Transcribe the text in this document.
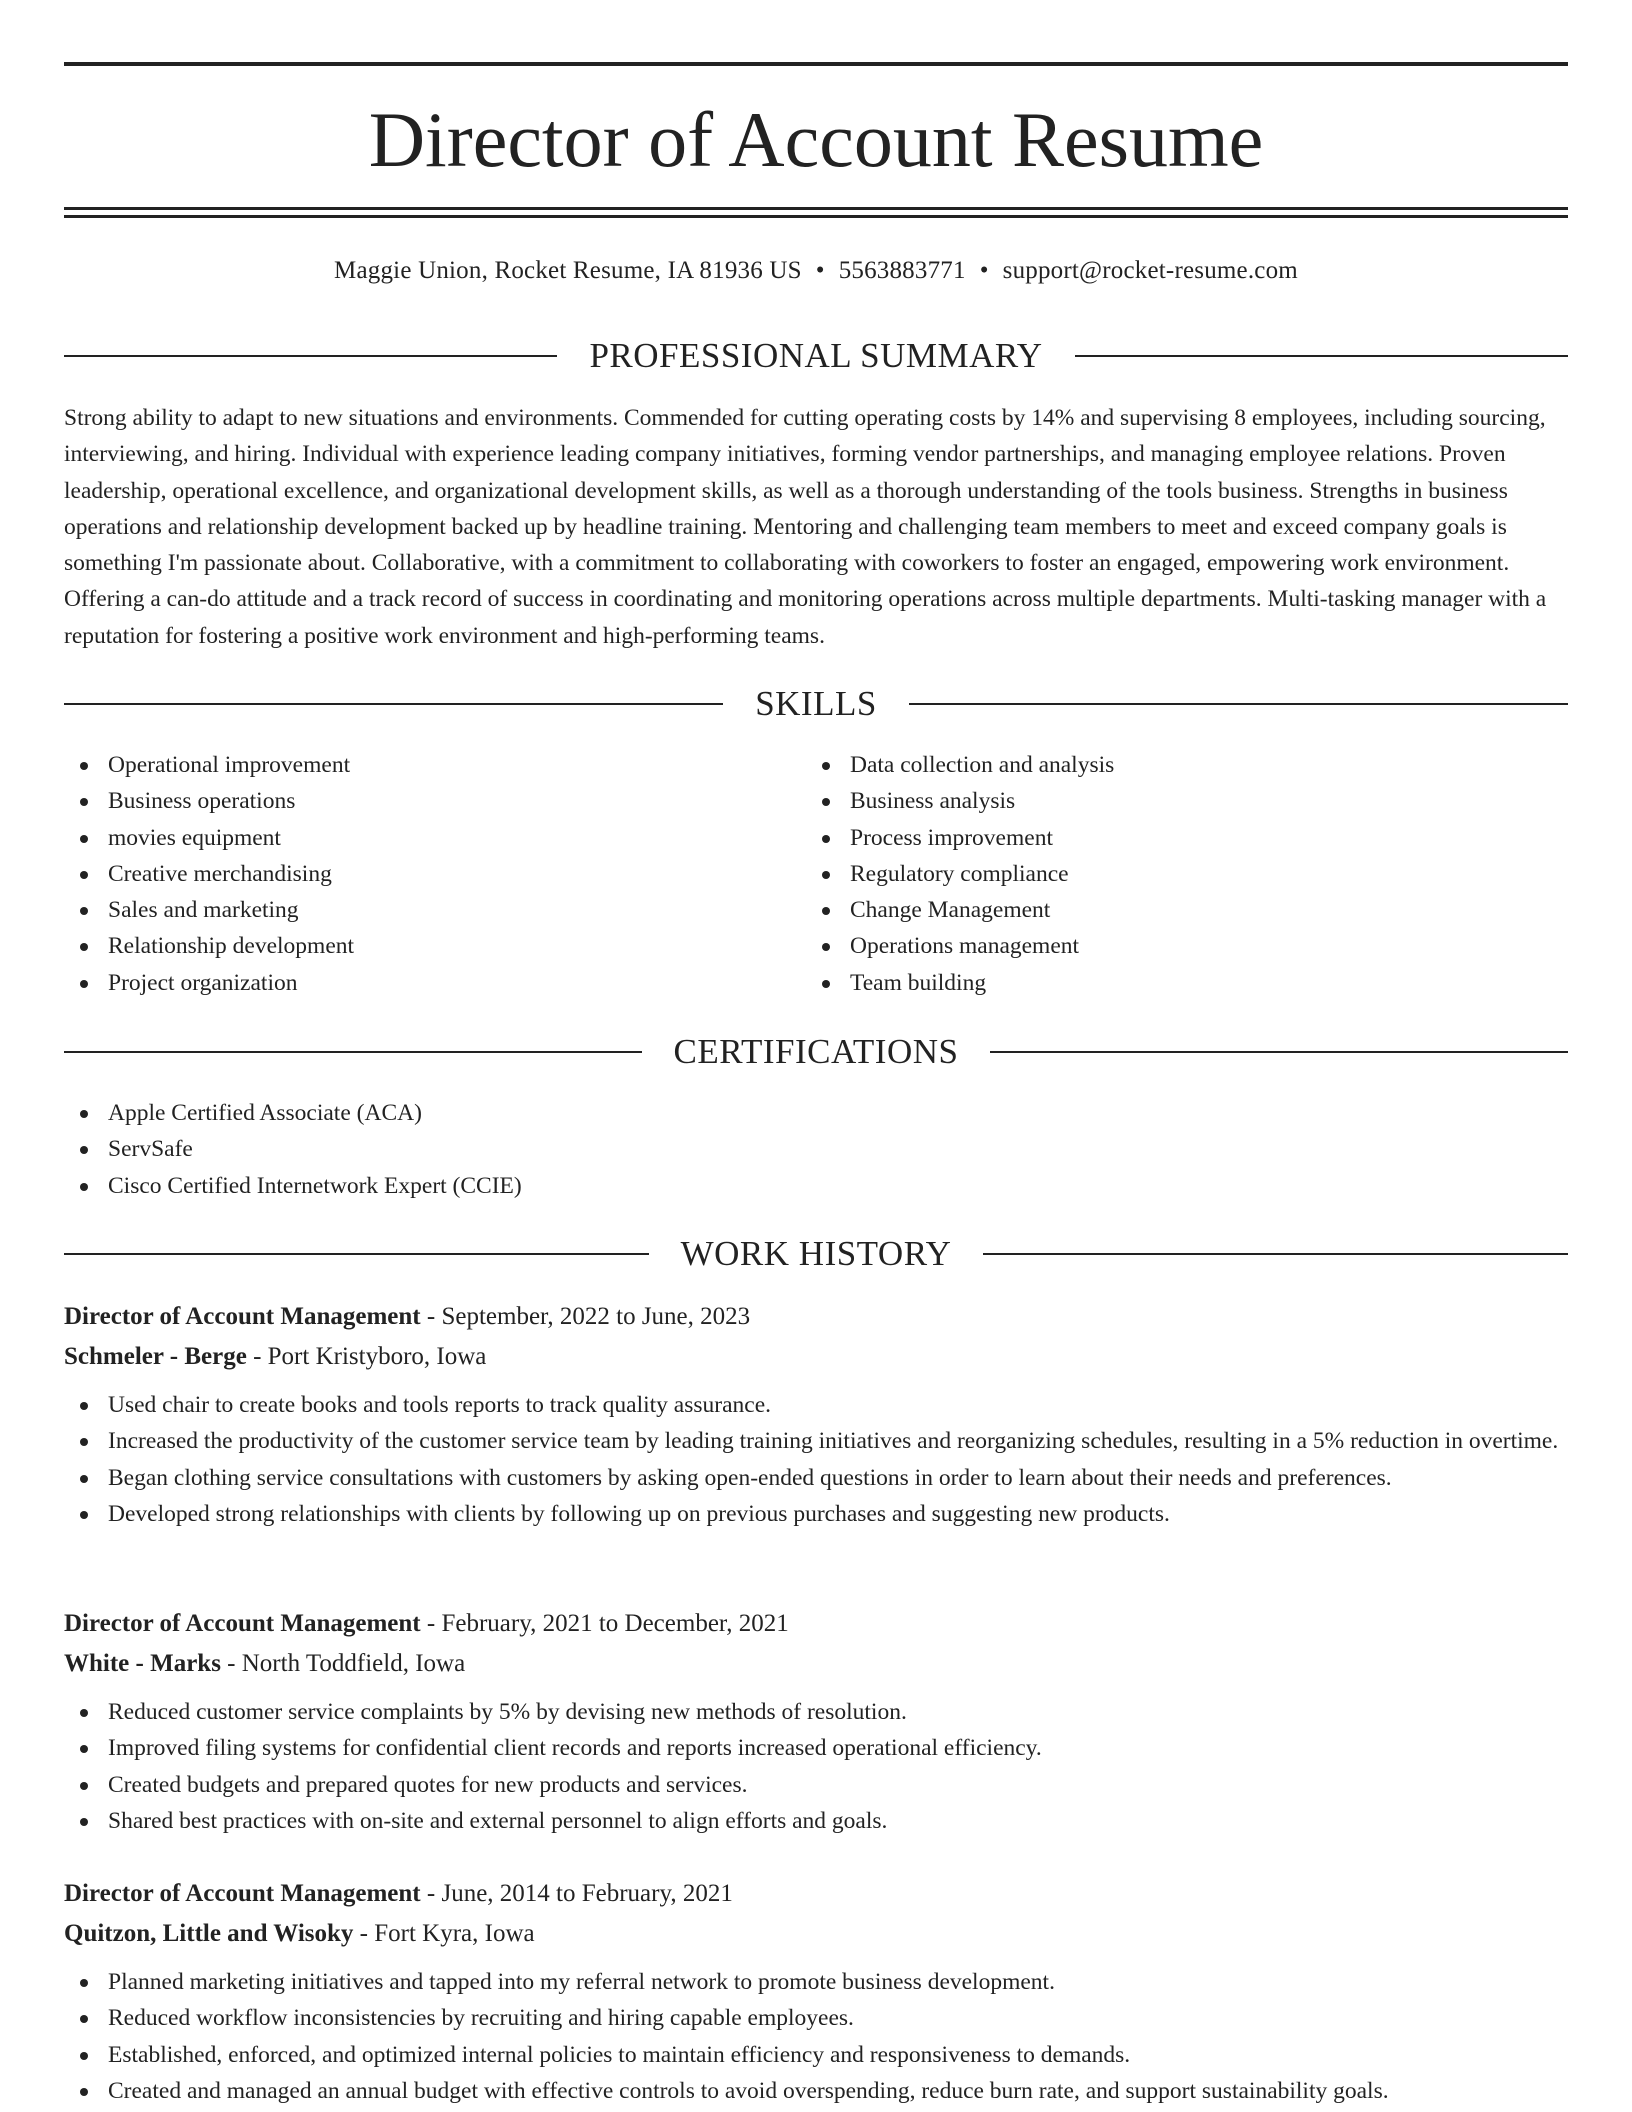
Director of Account Resume
Maggie Union, Rocket Resume, IA 81936 US • 5563883771 • support@rocket-resume.com
PROFESSIONAL SUMMARY

Strong ability to adapt to new situations and environments. Commended for cutting operating costs by 14% and supervising 8 employees, including sourcing, interviewing, and hiring. Individual with experience leading company initiatives, forming vendor partnerships, and managing employee relations. Proven leadership, operational excellence, and organizational development skills, as well as a thorough understanding of the tools business. Strengths in business operations and relationship development backed up by headline training. Mentoring and challenging team members to meet and exceed company goals is something I'm passionate about. Collaborative, with a commitment to collaborating with coworkers to foster an engaged, empowering work environment. Offering a can-do attitude and a track record of success in coordinating and monitoring operations across multiple departments. Multi-tasking manager with a reputation for fostering a positive work environment and high-performing teams.

SKILLS
Operational improvement
Business operations
movies equipment
Creative merchandising
Sales and marketing
Relationship development
Project organization
Data collection and analysis
Business analysis
Process improvement
Regulatory compliance
Change Management
Operations management
Team building
CERTIFICATIONS
Apple Certified Associate (ACA)
ServSafe
Cisco Certified Internetwork Expert (CCIE)
WORK HISTORY
Director of Account Management - September, 2022 to June, 2023
Schmeler - Berge - Port Kristyboro, Iowa
Used chair to create books and tools reports to track quality assurance.
Increased the productivity of the customer service team by leading training initiatives and reorganizing schedules, resulting in a 5% reduction in overtime.
Began clothing service consultations with customers by asking open-ended questions in order to learn about their needs and preferences.
Developed strong relationships with clients by following up on previous purchases and suggesting new products.
Director of Account Management - February, 2021 to December, 2021
White - Marks - North Toddfield, Iowa
Reduced customer service complaints by 5% by devising new methods of resolution.
Improved filing systems for confidential client records and reports increased operational efficiency.
Created budgets and prepared quotes for new products and services.
Shared best practices with on-site and external personnel to align efforts and goals.
Director of Account Management - June, 2014 to February, 2021
Quitzon, Little and Wisoky - Fort Kyra, Iowa
Planned marketing initiatives and tapped into my referral network to promote business development.
Reduced workflow inconsistencies by recruiting and hiring capable employees.
Established, enforced, and optimized internal policies to maintain efficiency and responsiveness to demands.
Created and managed an annual budget with effective controls to avoid overspending, reduce burn rate, and support sustainability goals.
